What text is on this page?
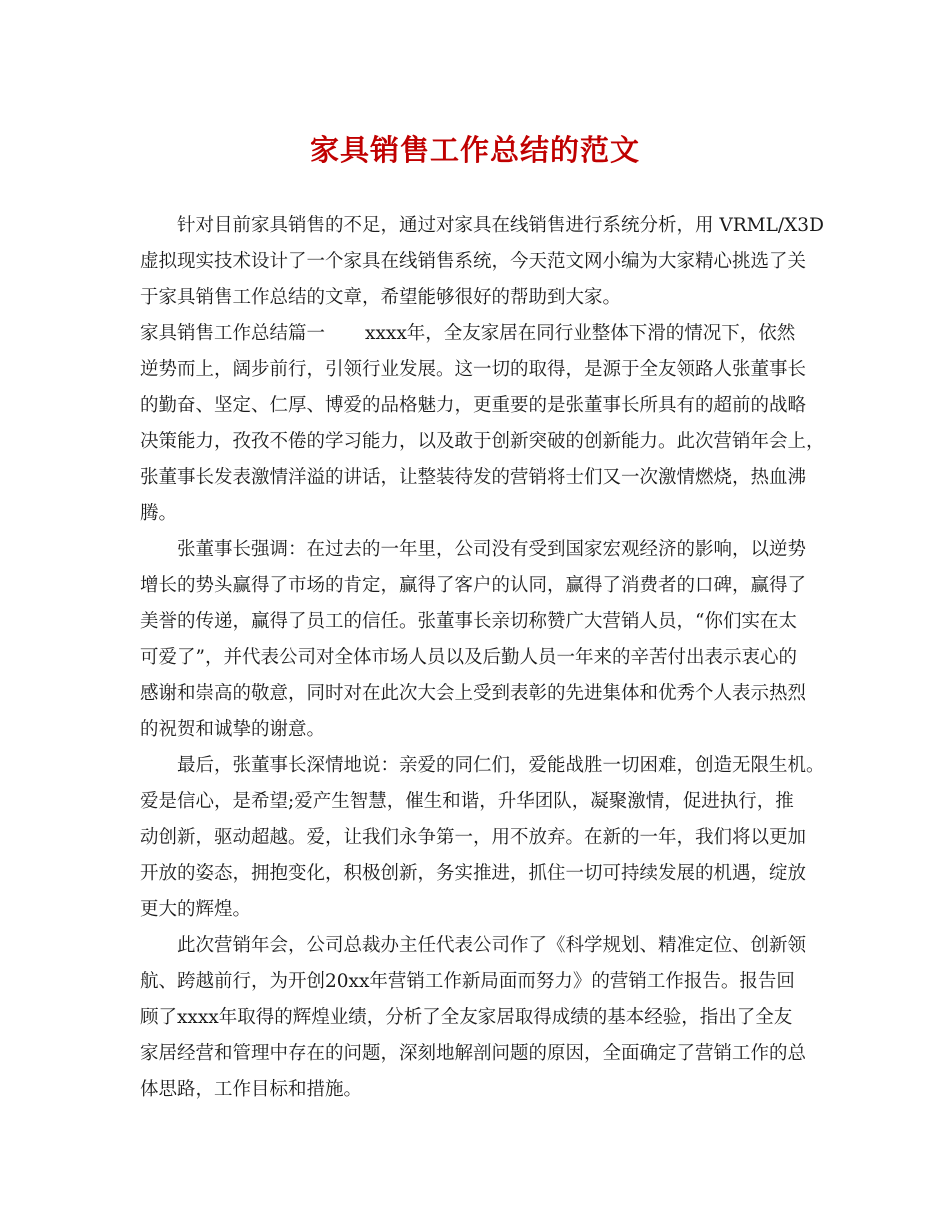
家具销售工作总结的范文

针对目前家具销售的不足，通过对家具在线销售进行系统分析，用 VRML/X3D

虚拟现实技术设计了一个家具在线销售系统，今天范文网小编为大家精心挑选了关

于家具销售工作总结的文章，希望能够很好的帮助到大家。

家具销售工作总结篇一 xxxx年，全友家居在同行业整体下滑的情况下，依然

逆势而上，阔步前行，引领行业发展。这一切的取得，是源于全友领路人张董事长

的勤奋、坚定、仁厚、博爱的品格魅力，更重要的是张董事长所具有的超前的战略

决策能力，孜孜不倦的学习能力，以及敢于创新突破的创新能力。此次营销年会上，

张董事长发表激情洋溢的讲话，让整装待发的营销将士们又一次激情燃烧，热血沸

腾。

张董事长强调：在过去的一年里，公司没有受到国家宏观经济的影响，以逆势

增长的势头赢得了市场的肯定，赢得了客户的认同，赢得了消费者的口碑，赢得了

美誉的传递，赢得了员工的信任。张董事长亲切称赞广大营销人员，“你们实在太

可爱了”，并代表公司对全体市场人员以及后勤人员一年来的辛苦付出表示衷心的

感谢和崇高的敬意，同时对在此次大会上受到表彰的先进集体和优秀个人表示热烈

的祝贺和诚挚的谢意。

最后，张董事长深情地说：亲爱的同仁们，爱能战胜一切困难，创造无限生机。

爱是信心，是希望;爱产生智慧，催生和谐，升华团队，凝聚激情，促进执行，推

动创新，驱动超越。爱，让我们永争第一，用不放弃。在新的一年，我们将以更加

开放的姿态，拥抱变化，积极创新，务实推进，抓住一切可持续发展的机遇，绽放

更大的辉煌。

此次营销年会，公司总裁办主任代表公司作了《科学规划、精准定位、创新领

航、跨越前行，为开创20xx年营销工作新局面而努力》的营销工作报告。报告回

顾了xxxx年取得的辉煌业绩，分析了全友家居取得成绩的基本经验，指出了全友

家居经营和管理中存在的问题，深刻地解剖问题的原因，全面确定了营销工作的总

体思路，工作目标和措施。
